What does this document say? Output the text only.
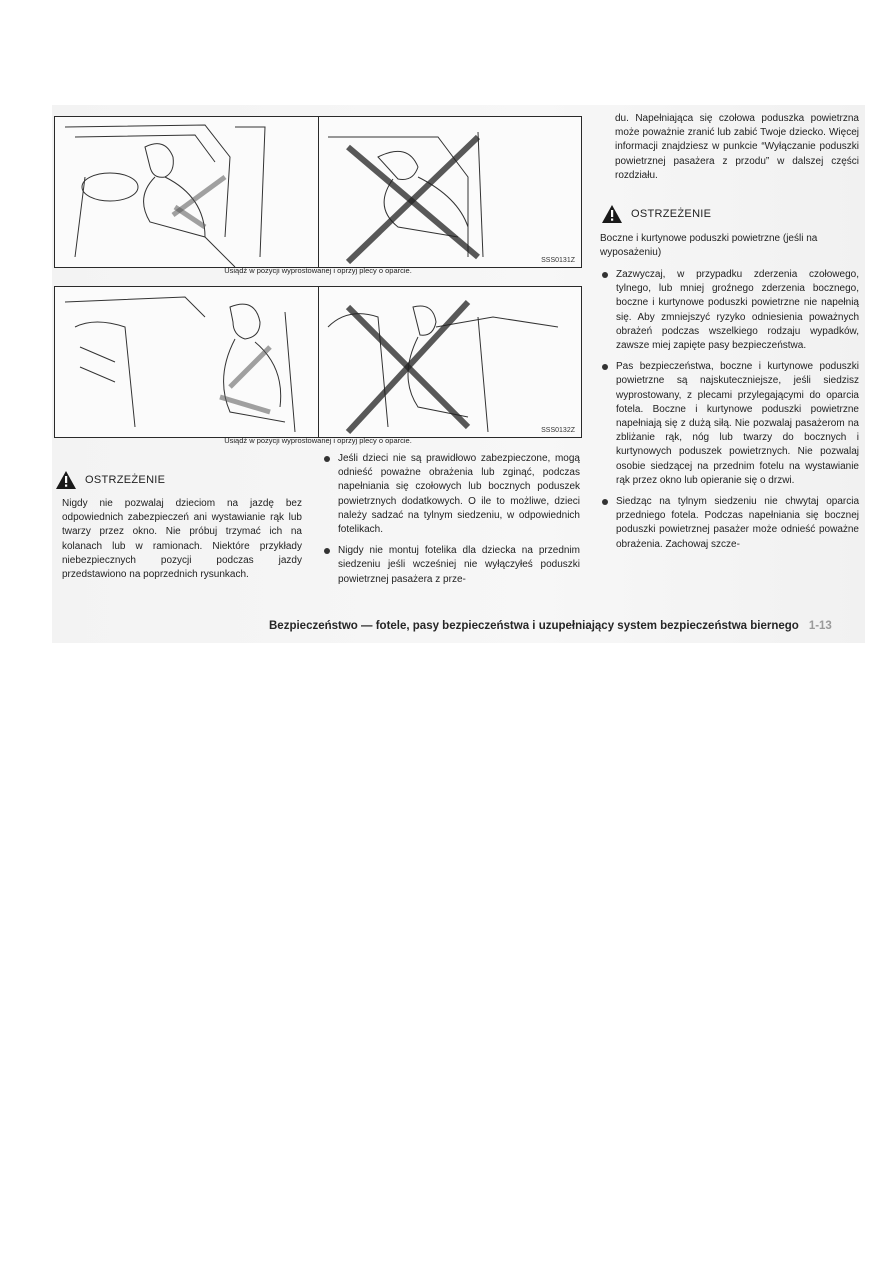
SSS0131Z
Usiądź w pozycji wyprostowanej i oprzyj plecy o oparcie.
SSS0132Z
Usiądź w pozycji wyprostowanej i oprzyj plecy o oparcie.
OSTRZEŻENIE
Nigdy nie pozwalaj dzieciom na jazdę bez odpowiednich zabezpieczeń ani wystawianie rąk lub twarzy przez okno. Nie próbuj trzymać ich na kolanach lub w ramionach. Niektóre przykłady niebezpiecznych pozycji podczas jazdy przedstawiono na poprzednich rysunkach.
Jeśli dzieci nie są prawidłowo zabezpieczone, mogą odnieść poważne obrażenia lub zginąć, podczas napełniania się czołowych lub bocznych poduszek powietrznych dodatkowych. O ile to możliwe, dzieci należy sadzać na tylnym siedzeniu, w odpowiednich fotelikach.
Nigdy nie montuj fotelika dla dziecka na przednim siedzeniu jeśli wcześniej nie wyłączyłeś poduszki powietrznej pasażera z prze-
du. Napełniająca się czołowa poduszka powietrzna może poważnie zranić lub zabić Twoje dziecko. Więcej informacji znajdziesz w punkcie “Wyłączanie poduszki powietrznej pasażera z przodu” w dalszej części rozdziału.
OSTRZEŻENIE
Boczne i kurtynowe poduszki powietrzne (jeśli na wyposażeniu)
Zazwyczaj, w przypadku zderzenia czołowego, tylnego, lub mniej groźnego zderzenia bocznego, boczne i kurtynowe poduszki powietrzne nie napełnią się. Aby zmniejszyć ryzyko odniesienia poważnych obrażeń podczas wszelkiego rodzaju wypadków, zawsze miej zapięte pasy bezpieczeństwa.
Pas bezpieczeństwa, boczne i kurtynowe poduszki powietrzne są najskuteczniejsze, jeśli siedzisz wyprostowany, z plecami przylegającymi do oparcia fotela. Boczne i kurtynowe poduszki powietrzne napełniają się z dużą siłą. Nie pozwalaj pasażerom na zbliżanie rąk, nóg lub twarzy do bocznych i kurtynowych poduszek powietrznych. Nie pozwalaj osobie siedzącej na przednim fotelu na wystawianie rąk przez okno lub opieranie się o drzwi.
Siedząc na tylnym siedzeniu nie chwytaj oparcia przedniego fotela. Podczas napełniania się bocznej poduszki powietrznej pasażer może odnieść poważne obrażenia. Zachowaj szcze-
Bezpieczeństwo — fotele, pasy bezpieczeństwa i uzupełniający system bezpieczeństwa biernego 1-13
